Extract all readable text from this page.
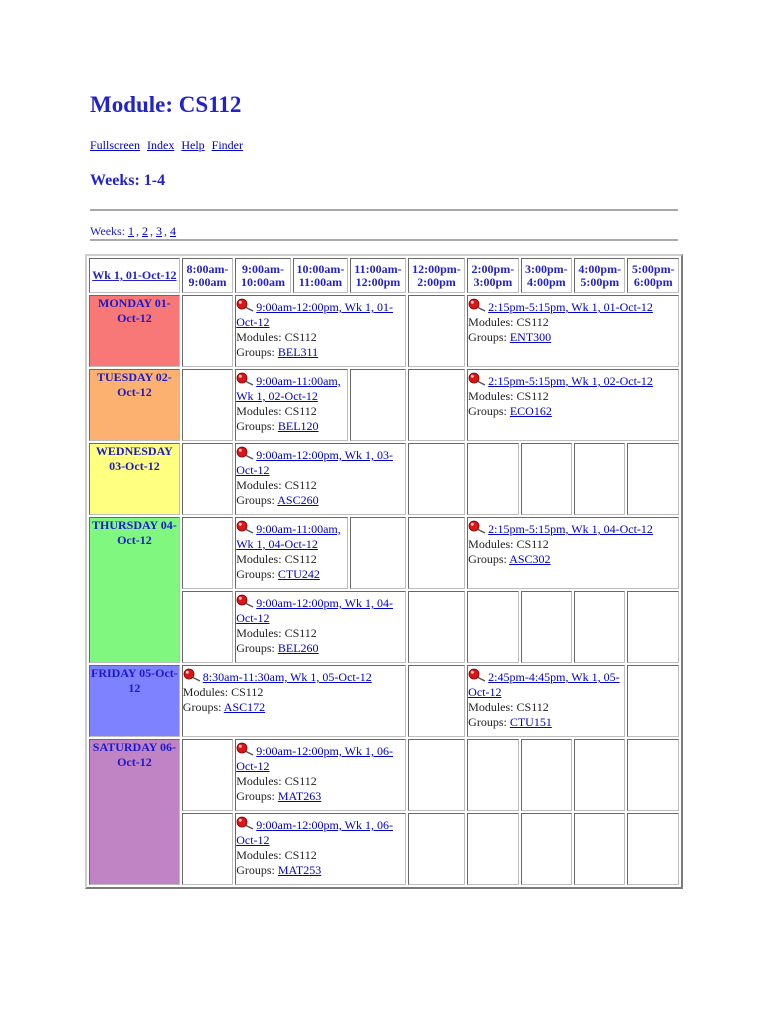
Module: CS112
Fullscreen Index Help Finder
Weeks: 1-4
Weeks: 1 , 2 , 3 , 4
Wk 1, 01-Oct-12	8:00am-9:00am	9:00am-10:00am	10:00am-11:00am	11:00am-12:00pm	12:00pm-2:00pm	2:00pm-3:00pm	3:00pm-4:00pm	4:00pm-5:00pm	5:00pm-6:00pm
MONDAY 01-Oct-12		9:00am-12:00pm, Wk 1, 01-Oct-12
Modules: CS112
Groups: BEL311				2:15pm-5:15pm, Wk 1, 01-Oct-12
Modules: CS112
Groups: ENT300			

TUESDAY 02-Oct-12		9:00am-11:00am, Wk 1, 02-Oct-12
Modules: CS112
Groups: BEL120				2:15pm-5:15pm, Wk 1, 02-Oct-12
Modules: CS112
Groups: ECO162			

WEDNESDAY 03-Oct-12		9:00am-12:00pm, Wk 1, 03-Oct-12
Modules: CS112
Groups: ASC260							

THURSDAY 04-Oct-12		9:00am-11:00am, Wk 1, 04-Oct-12
Modules: CS112
Groups: CTU242				2:15pm-5:15pm, Wk 1, 04-Oct-12
Modules: CS112
Groups: ASC302			

		9:00am-12:00pm, Wk 1, 04-Oct-12
Modules: CS112
Groups: BEL260							

FRIDAY 05-Oct-12	8:30am-11:30am, Wk 1, 05-Oct-12
Modules: CS112
Groups: ASC172					2:45pm-4:45pm, Wk 1, 05-Oct-12
Modules: CS112
Groups: CTU151			

SATURDAY 06-Oct-12		9:00am-12:00pm, Wk 1, 06-Oct-12
Modules: CS112
Groups: MAT263							

		9:00am-12:00pm, Wk 1, 06-Oct-12
Modules: CS112
Groups: MAT253							
